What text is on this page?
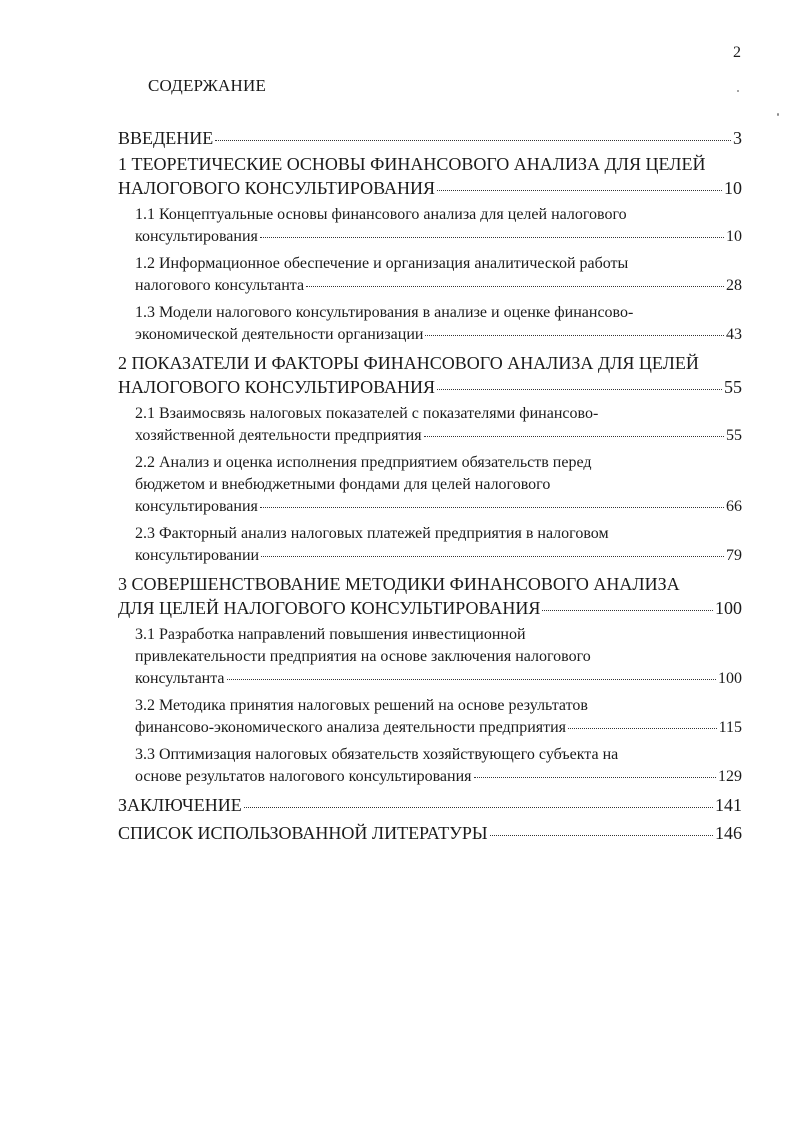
2
СОДЕРЖАНИЕ
ВВЕДЕНИЕ	3
1 ТЕОРЕТИЧЕСКИЕ ОСНОВЫ ФИНАНСОВОГО АНАЛИЗА ДЛЯ ЦЕЛЕЙ
НАЛОГОВОГО КОНСУЛЬТИРОВАНИЯ	10
1.1 Концептуальные основы финансового анализа для целей налогового
консультирования	10
1.2 Информационное обеспечение и организация аналитической работы
налогового консультанта	28
1.3 Модели налогового консультирования в анализе и оценке финансово-
экономической деятельности организации	43
2 ПОКАЗАТЕЛИ И ФАКТОРЫ ФИНАНСОВОГО АНАЛИЗА ДЛЯ ЦЕЛЕЙ
НАЛОГОВОГО КОНСУЛЬТИРОВАНИЯ	55
2.1 Взаимосвязь налоговых показателей с показателями финансово-
хозяйственной деятельности предприятия	55
2.2 Анализ и оценка исполнения предприятием обязательств перед
бюджетом и внебюджетными фондами для целей налогового
консультирования	66
2.3 Факторный анализ налоговых платежей предприятия в налоговом
консультировании	79
3 СОВЕРШЕНСТВОВАНИЕ МЕТОДИКИ ФИНАНСОВОГО АНАЛИЗА
ДЛЯ ЦЕЛЕЙ НАЛОГОВОГО КОНСУЛЬТИРОВАНИЯ	100
3.1 Разработка направлений повышения инвестиционной
привлекательности предприятия на основе заключения налогового
консультанта	100
3.2 Методика принятия налоговых решений на основе результатов
финансово-экономического анализа деятельности предприятия	115
3.3 Оптимизация налоговых обязательств хозяйствующего субъекта на
основе результатов налогового консультирования	129
ЗАКЛЮЧЕНИЕ	141
СПИСОК ИСПОЛЬЗОВАННОЙ ЛИТЕРАТУРЫ	146
